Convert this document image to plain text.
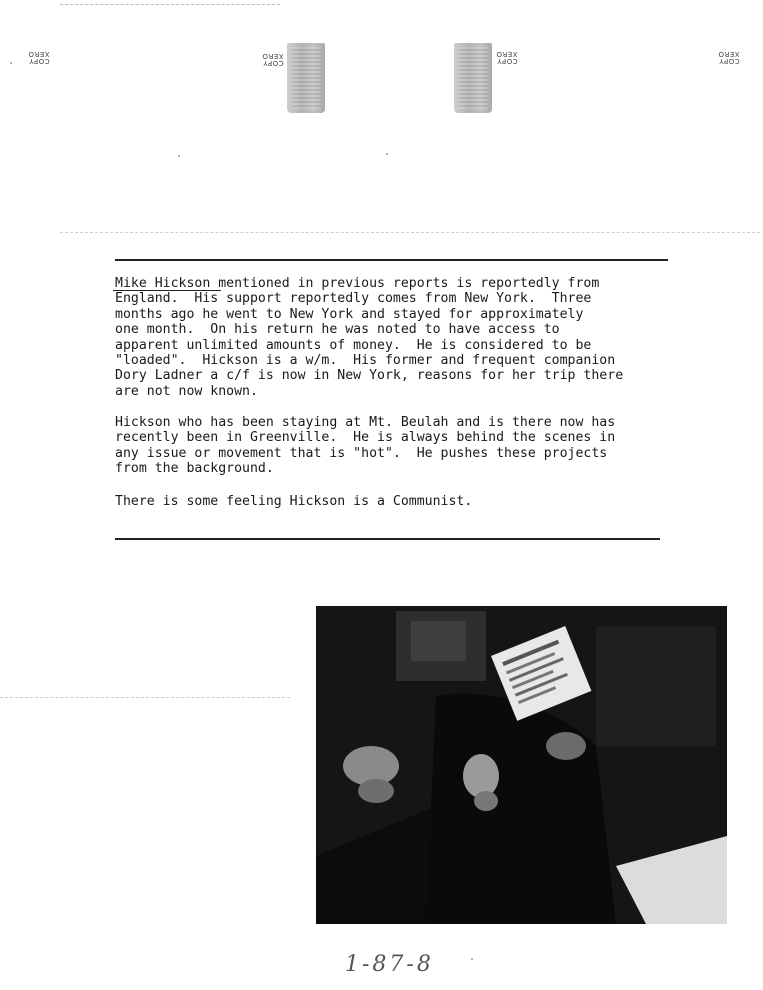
COPY
XERO
COPY
XERO
COPY
XERO
COPY
XERO
Mike Hickson mentioned in previous reports is reportedly from
England.  His support reportedly comes from New York.  Three
months ago he went to New York and stayed for approximately
one month.  On his return he was noted to have access to
apparent unlimited amounts of money.  He is considered to be
"loaded".  Hickson is a w/m.  His former and frequent companion
Dory Ladner a c/f is now in New York, reasons for her trip there
are not now known.
Hickson who has been staying at Mt. Beulah and is there now has
recently been in Greenville.  He is always behind the scenes in
any issue or movement that is "hot".  He pushes these projects
from the background.
There is some feeling Hickson is a Communist.
1-87-8
